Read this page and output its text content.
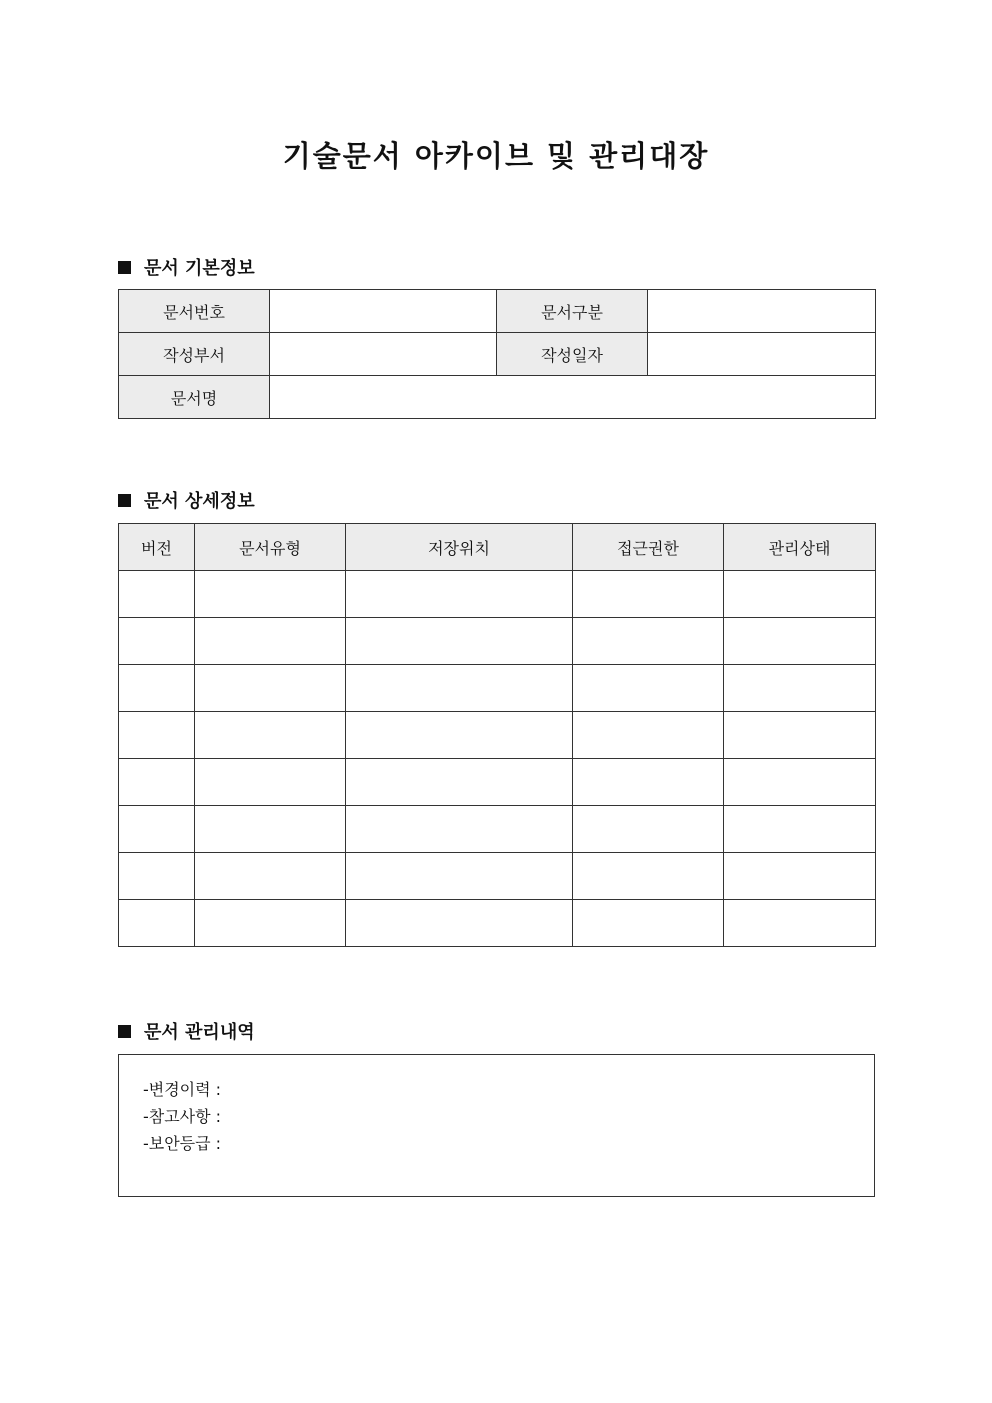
기술문서 아카이브 및 관리대장
문서 기본정보
문서번호		문서구분	
작성부서		작성일자	
문서명			
문서 상세정보
버전	문서유형	저장위치	접근권한	관리상태

문서 관리내역
-변경이력 :
-참고사항 :
-보안등급 :
